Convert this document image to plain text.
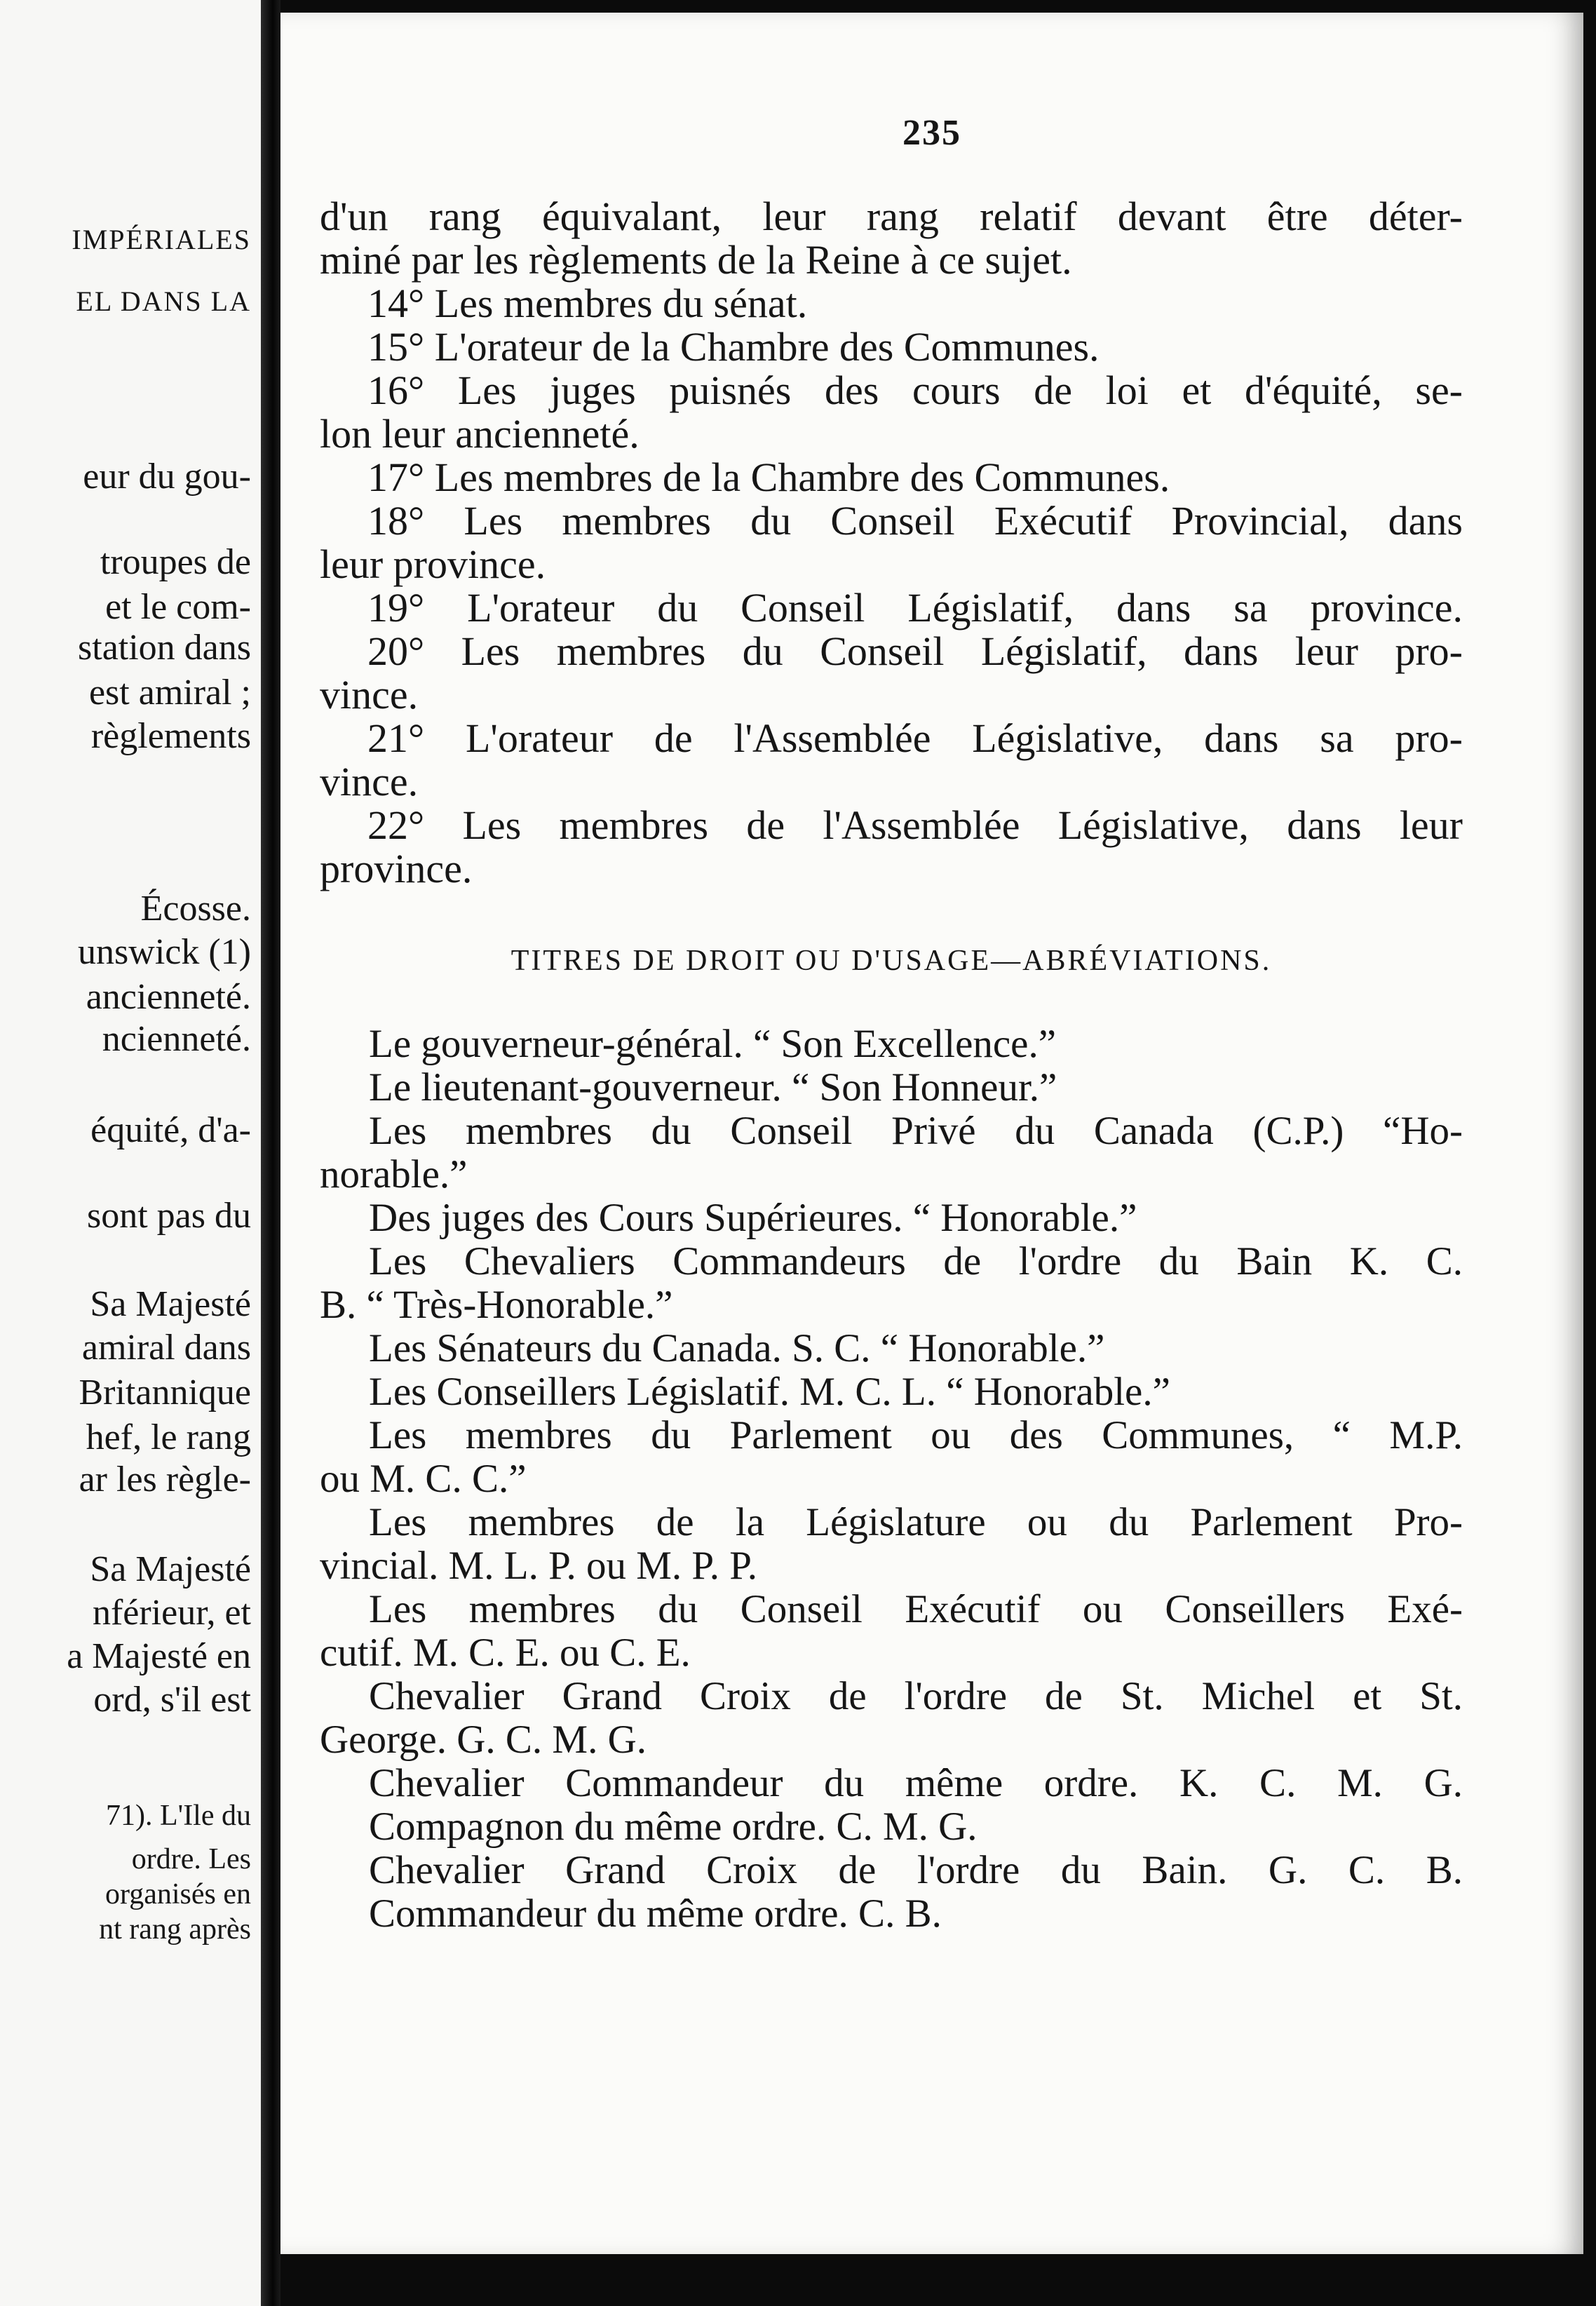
IMPÉRIALES
EL DANS LA
eur du gou-
troupes de
et le com-
station dans
est amiral ;
règlements
Écosse.
unswick (1)
ancienneté.
ncienneté.
équité, d'a-
sont pas du
Sa Majesté
amiral dans
Britannique
hef, le rang
ar les règle-
Sa Majesté
nférieur, et
a Majesté en
ord, s'il est
71). L'Ile du
ordre. Les
organisés en
nt rang après
235
d'un rang équivalant, leur rang relatif devant être déter-
miné par les règlements de la Reine à ce sujet.
14° Les membres du sénat.
15° L'orateur de la Chambre des Communes.
16° Les juges puisnés des cours de loi et d'équité, se-
lon leur ancienneté.
17° Les membres de la Chambre des Communes.
18° Les membres du Conseil Exécutif Provincial, dans
leur province.
19° L'orateur du Conseil Législatif, dans sa province.
20° Les membres du Conseil Législatif, dans leur pro-
vince.
21° L'orateur de l'Assemblée Législative, dans sa pro-
vince.
22° Les membres de l'Assemblée Législative, dans leur
province.
TITRES DE DROIT OU D'USAGE—ABRÉVIATIONS.
Le gouverneur-général. “ Son Excellence.”
Le lieutenant-gouverneur. “ Son Honneur.”
Les membres du Conseil Privé du Canada (C.P.) “Ho-
norable.”
Des juges des Cours Supérieures. “ Honorable.”
Les Chevaliers Commandeurs de l'ordre du Bain K. C.
B. “ Très-Honorable.”
Les Sénateurs du Canada. S. C. “ Honorable.”
Les Conseillers Législatif. M. C. L. “ Honorable.”
Les membres du Parlement ou des Communes, “ M.P.
ou M. C. C.”
Les membres de la Législature ou du Parlement Pro-
vincial. M. L. P. ou M. P. P.
Les membres du Conseil Exécutif ou Conseillers Exé-
cutif. M. C. E. ou C. E.
Chevalier Grand Croix de l'ordre de St. Michel et St.
George. G. C. M. G.
Chevalier Commandeur du même ordre. K. C. M. G.
Compagnon du même ordre. C. M. G.
Chevalier Grand Croix de l'ordre du Bain. G. C. B.
Commandeur du même ordre. C. B.
